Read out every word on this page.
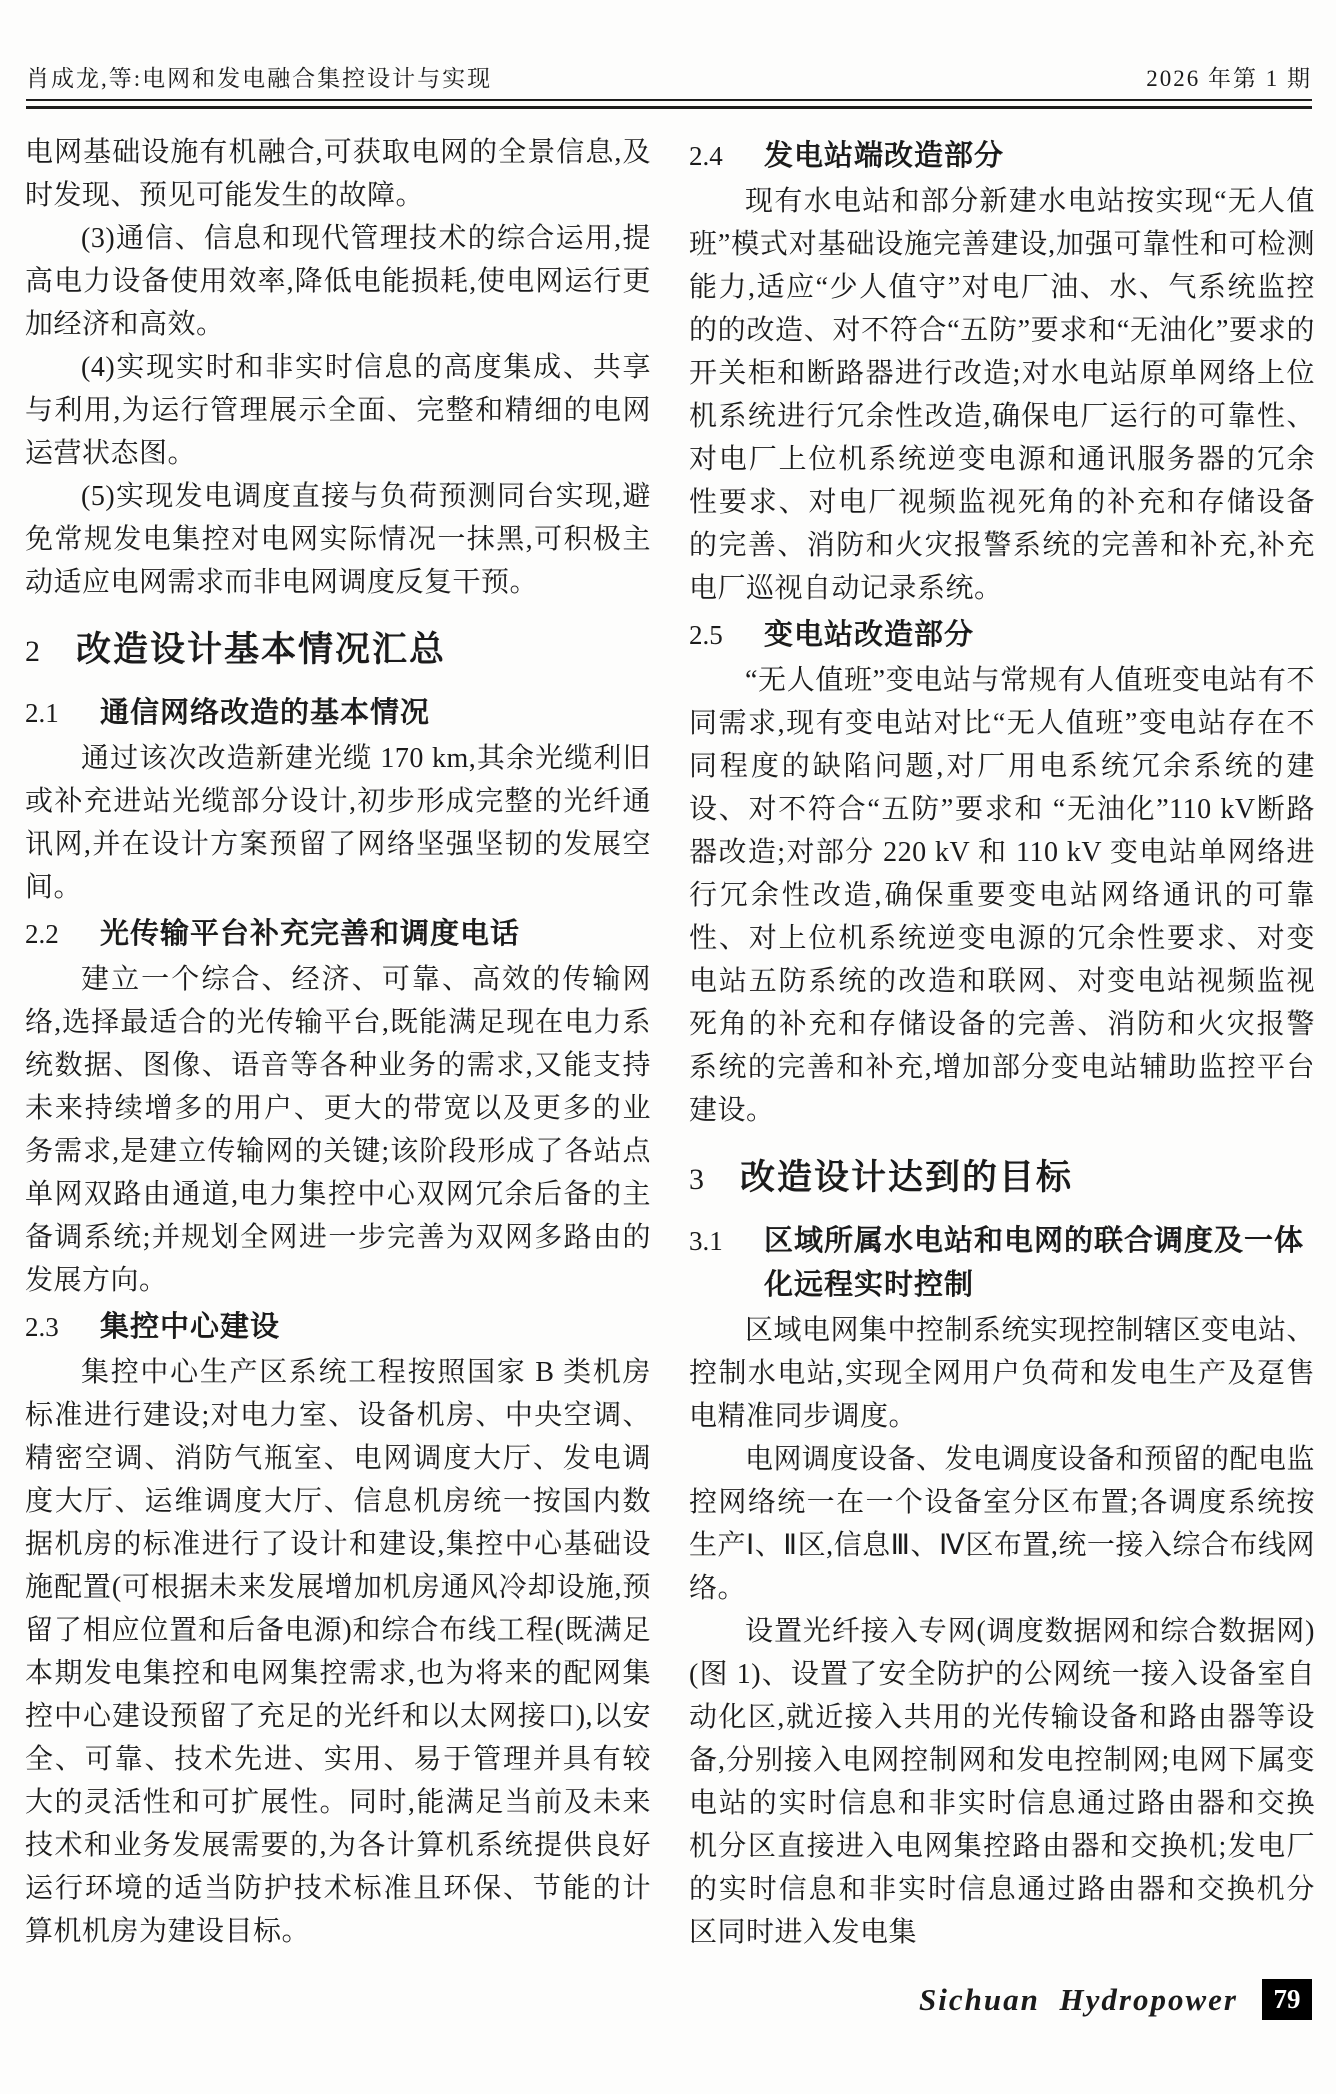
肖成龙,等:电网和发电融合集控设计与实现	2026 年第 1 期

电网基础设施有机融合,可获取电网的全景信息,及时发现、预见可能发生的故障。

(3)通信、信息和现代管理技术的综合运用,提高电力设备使用效率,降低电能损耗,使电网运行更加经济和高效。

(4)实现实时和非实时信息的高度集成、共享与利用,为运行管理展示全面、完整和精细的电网运营状态图。

(5)实现发电调度直接与负荷预测同台实现,避免常规发电集控对电网实际情况一抹黑,可积极主动适应电网需求而非电网调度反复干预。

2 改造设计基本情况汇总
2.1	通信网络改造的基本情况

通过该次改造新建光缆 170 km,其余光缆利旧或补充进站光缆部分设计,初步形成完整的光纤通讯网,并在设计方案预留了网络坚强坚韧的发展空间。

2.2	光传输平台补充完善和调度电话

建立一个综合、经济、可靠、高效的传输网络,选择最适合的光传输平台,既能满足现在电力系统数据、图像、语音等各种业务的需求,又能支持未来持续增多的用户、更大的带宽以及更多的业务需求,是建立传输网的关键;该阶段形成了各站点单网双路由通道,电力集控中心双网冗余后备的主备调系统;并规划全网进一步完善为双网多路由的发展方向。

2.3	集控中心建设

集控中心生产区系统工程按照国家 B 类机房标准进行建设;对电力室、设备机房、中央空调、精密空调、消防气瓶室、电网调度大厅、发电调度大厅、运维调度大厅、信息机房统一按国内数据机房的标准进行了设计和建设,集控中心基础设施配置(可根据未来发展增加机房通风冷却设施,预留了相应位置和后备电源)和综合布线工程(既满足本期发电集控和电网集控需求,也为将来的配网集控中心建设预留了充足的光纤和以太网接口),以安全、可靠、技术先进、实用、易于管理并具有较大的灵活性和可扩展性。同时,能满足当前及未来技术和业务发展需要的,为各计算机系统提供良好运行环境的适当防护技术标准且环保、节能的计算机机房为建设目标。

2.4	发电站端改造部分

现有水电站和部分新建水电站按实现“无人值班”模式对基础设施完善建设,加强可靠性和可检测能力,适应“少人值守”对电厂油、水、气系统监控的的改造、对不符合“五防”要求和“无油化”要求的开关柜和断路器进行改造;对水电站原单网络上位机系统进行冗余性改造,确保电厂运行的可靠性、对电厂上位机系统逆变电源和通讯服务器的冗余性要求、对电厂视频监视死角的补充和存储设备的完善、消防和火灾报警系统的完善和补充,补充电厂巡视自动记录系统。

2.5	变电站改造部分

“无人值班”变电站与常规有人值班变电站有不同需求,现有变电站对比“无人值班”变电站存在不同程度的缺陷问题,对厂用电系统冗余系统的建设、对不符合“五防”要求和 “无油化”110 kV断路器改造;对部分 220 kV 和 110 kV 变电站单网络进行冗余性改造,确保重要变电站网络通讯的可靠性、对上位机系统逆变电源的冗余性要求、对变电站五防系统的改造和联网、对变电站视频监视死角的补充和存储设备的完善、消防和火灾报警系统的完善和补充,增加部分变电站辅助监控平台建设。

3 改造设计达到的目标
3.1	区域所属水电站和电网的联合调度及一体化远程实时控制

区域电网集中控制系统实现控制辖区变电站、控制水电站,实现全网用户负荷和发电生产及趸售电精准同步调度。

电网调度设备、发电调度设备和预留的配电监控网络统一在一个设备室分区布置;各调度系统按生产Ⅰ、Ⅱ区,信息Ⅲ、Ⅳ区布置,统一接入综合布线网络。

设置光纤接入专网(调度数据网和综合数据网)(图 1)、设置了安全防护的公网统一接入设备室自动化区,就近接入共用的光传输设备和路由器等设备,分别接入电网控制网和发电控制网;电网下属变电站的实时信息和非实时信息通过路由器和交换机分区直接进入电网集控路由器和交换机;发电厂的实时信息和非实时信息通过路由器和交换机分区同时进入发电集

Sichuan Hydropower	79
